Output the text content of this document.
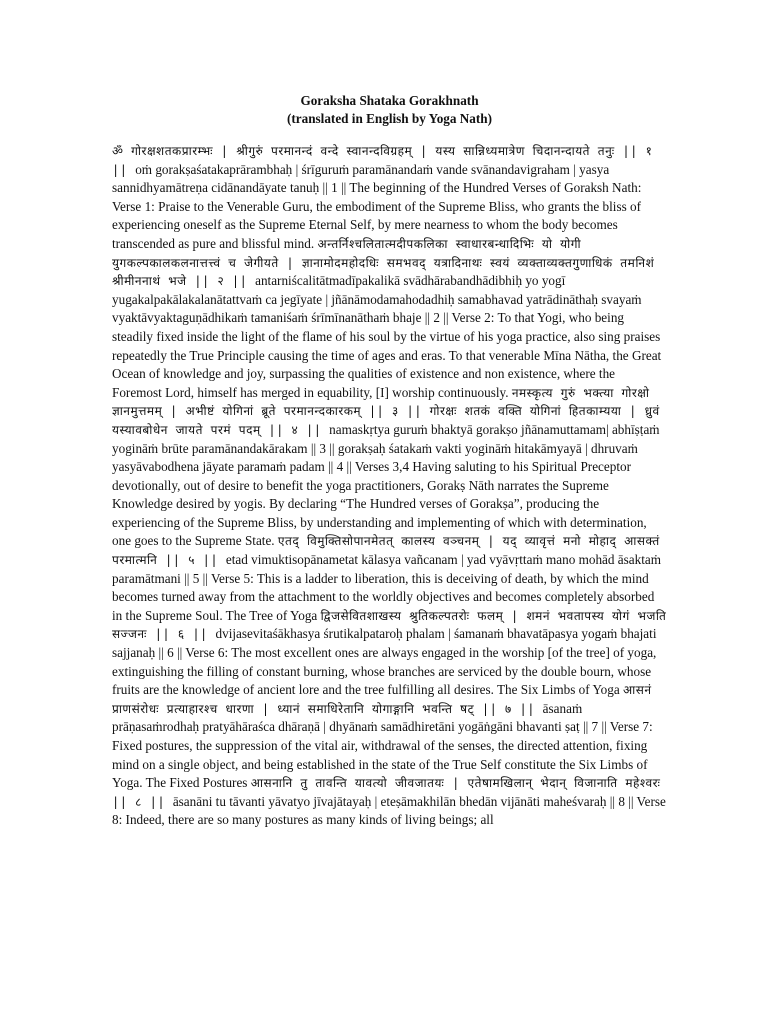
Goraksha Shataka Gorakhnath
(translated in English by Yoga Nath)
ॐ गोरक्षशतकप्रारम्भः | श्रीगुरुं परमानन्दं वन्दे स्वानन्दविग्रहम् | यस्य सान्निध्यमात्रेण चिदानन्दायते तनुः || १ || oṁ gorakṣaśatakaprārambhaḥ | śrīguruṁ paramānandaṁ vande svānandavigraham | yasya sannidhyamātreṇa cidānandāyate tanuḥ || 1 || The beginning of the Hundred Verses of Goraksh Nath: Verse 1: Praise to the Venerable Guru, the embodiment of the Supreme Bliss, who grants the bliss of experiencing oneself as the Supreme Eternal Self, by mere nearness to whom the body becomes transcended as pure and blissful mind. अन्तर्निश्चलितात्मदीपकलिका स्वाधारबन्धादिभिः यो योगी युगकल्पकालकलनात्तत्त्वं च जेगीयते | ज्ञानामोदमहोदधिः समभवद् यत्रादिनाथः स्वयं व्यक्ताव्यक्तगुणाधिकं तमनिशं श्रीमीननाथं भजे || २ || antarniścalitātmadīpakalikā svādhārabandhādibhiḥ yo yogī yugakalpakālakalanātattvaṁ ca jegīyate | jñānāmodamahodadhiḥ samabhavad yatrādināthaḥ svayaṁ vyaktāvyaktaguṇādhikaṁ tamaniśaṁ śrīmīnanāthaṁ bhaje || 2 || Verse 2: To that Yogi, who being steadily fixed inside the light of the flame of his soul by the virtue of his yoga practice, also sing praises repeatedly the True Principle causing the time of ages and eras. To that venerable Mīna Nātha, the Great Ocean of knowledge and joy, surpassing the qualities of existence and non existence, where the Foremost Lord, himself has merged in equability, [I] worship continuously. नमस्कृत्य गुरुं भक्त्या गोरक्षो ज्ञानमुत्तमम् | अभीष्टं योगिनां ब्रूते परमानन्दकारकम् || ३ || गोरक्षः शतकं वक्ति योगिनां हितकाम्यया | ध्रुवं यस्यावबोधेन जायते परमं पदम् || ४ || namaskṛtya guruṁ bhaktyā gorakṣo jñānamuttamam| abhīṣṭaṁ yogināṁ brūte paramānandakārakam || 3 || gorakṣaḥ śatakaṁ vakti yogināṁ hitakāmyayā | dhruvaṁ yasyāvabodhena jāyate paramaṁ padam || 4 || Verses 3,4 Having saluting to his Spiritual Preceptor devotionally, out of desire to benefit the yoga practitioners, Gorakṣ Nāth narrates the Supreme Knowledge desired by yogis. By declaring “The Hundred verses of Gorakṣa”, producing the experiencing of the Supreme Bliss, by understanding and implementing of which with determination, one goes to the Supreme State. एतद् विमुक्तिसोपानमेतत् कालस्य वञ्चनम् | यद् व्यावृत्तं मनो मोहाद् आसक्तं परमात्मनि || ५ || etad vimuktisopānametat kālasya vañcanam | yad vyāvṛttaṁ mano mohād āsaktaṁ paramātmani || 5 || Verse 5: This is a ladder to liberation, this is deceiving of death, by which the mind becomes turned away from the attachment to the worldly objectives and becomes completely absorbed in the Supreme Soul. The Tree of Yoga द्विजसेवितशाखस्य श्रुतिकल्पतरोः फलम् | शमनं भवतापस्य योगं भजति सज्जनः || ६ || dvijasevitaśākhasya śrutikalpataroḥ phalam | śamanaṁ bhavatāpasya yogaṁ bhajati sajjanaḥ || 6 || Verse 6: The most excellent ones are always engaged in the worship [of the tree] of yoga, extinguishing the filling of constant burning, whose branches are serviced by the double bourn, whose fruits are the knowledge of ancient lore and the tree fulfilling all desires. The Six Limbs of Yoga आसनं प्राणसंरोधः प्रत्याहारश्च धारणा | ध्यानं समाधिरेतानि योगाङ्गानि भवन्ति षट् || ७ || āsanaṁ prāṇasaṁrodhaḥ pratyāhāraśca dhāraṇā | dhyānaṁ samādhiretāni yogāṅgāni bhavanti ṣaṭ || 7 || Verse 7: Fixed postures, the suppression of the vital air, withdrawal of the senses, the directed attention, fixing mind on a single object, and being established in the state of the True Self constitute the Six Limbs of Yoga. The Fixed Postures आसनानि तु तावन्ति यावत्यो जीवजातयः | एतेषामखिलान् भेदान् विजानाति महेश्वरः || ८ || āsanāni tu tāvanti yāvatyo jīvajātayaḥ | eteṣāmakhilān bhedān vijānāti maheśvaraḥ || 8 || Verse 8: Indeed, there are so many postures as many kinds of living beings; all
